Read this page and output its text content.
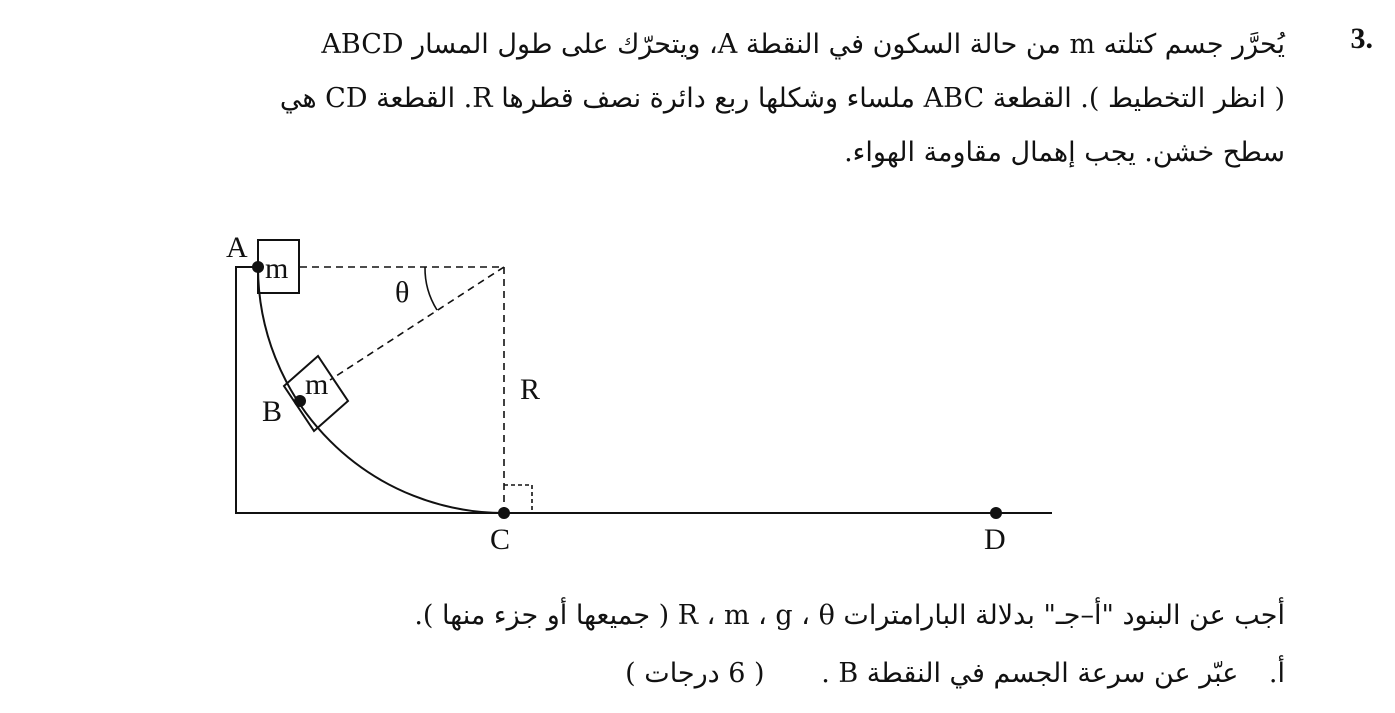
3.

يُحرَّر جسم كتلته m من حالة السكون في النقطة A، ويتحرّك على طول المسار ABCD

( انظر التخطيط ). القطعة ABC ملساء وشكلها ربع دائرة نصف قطرها R. القطعة CD هي

سطح خشن. يجب إهمال مقاومة الهواء.

A
m
θ
m	R
B
C	D
أجب عن البنود "أ–جـ" بدلالة البارامترات R ، m ، g ، θ ( جميعها أو جزء منها ).
أ. عبّر عن سرعة الجسم في النقطة B . ( 6 درجات )
